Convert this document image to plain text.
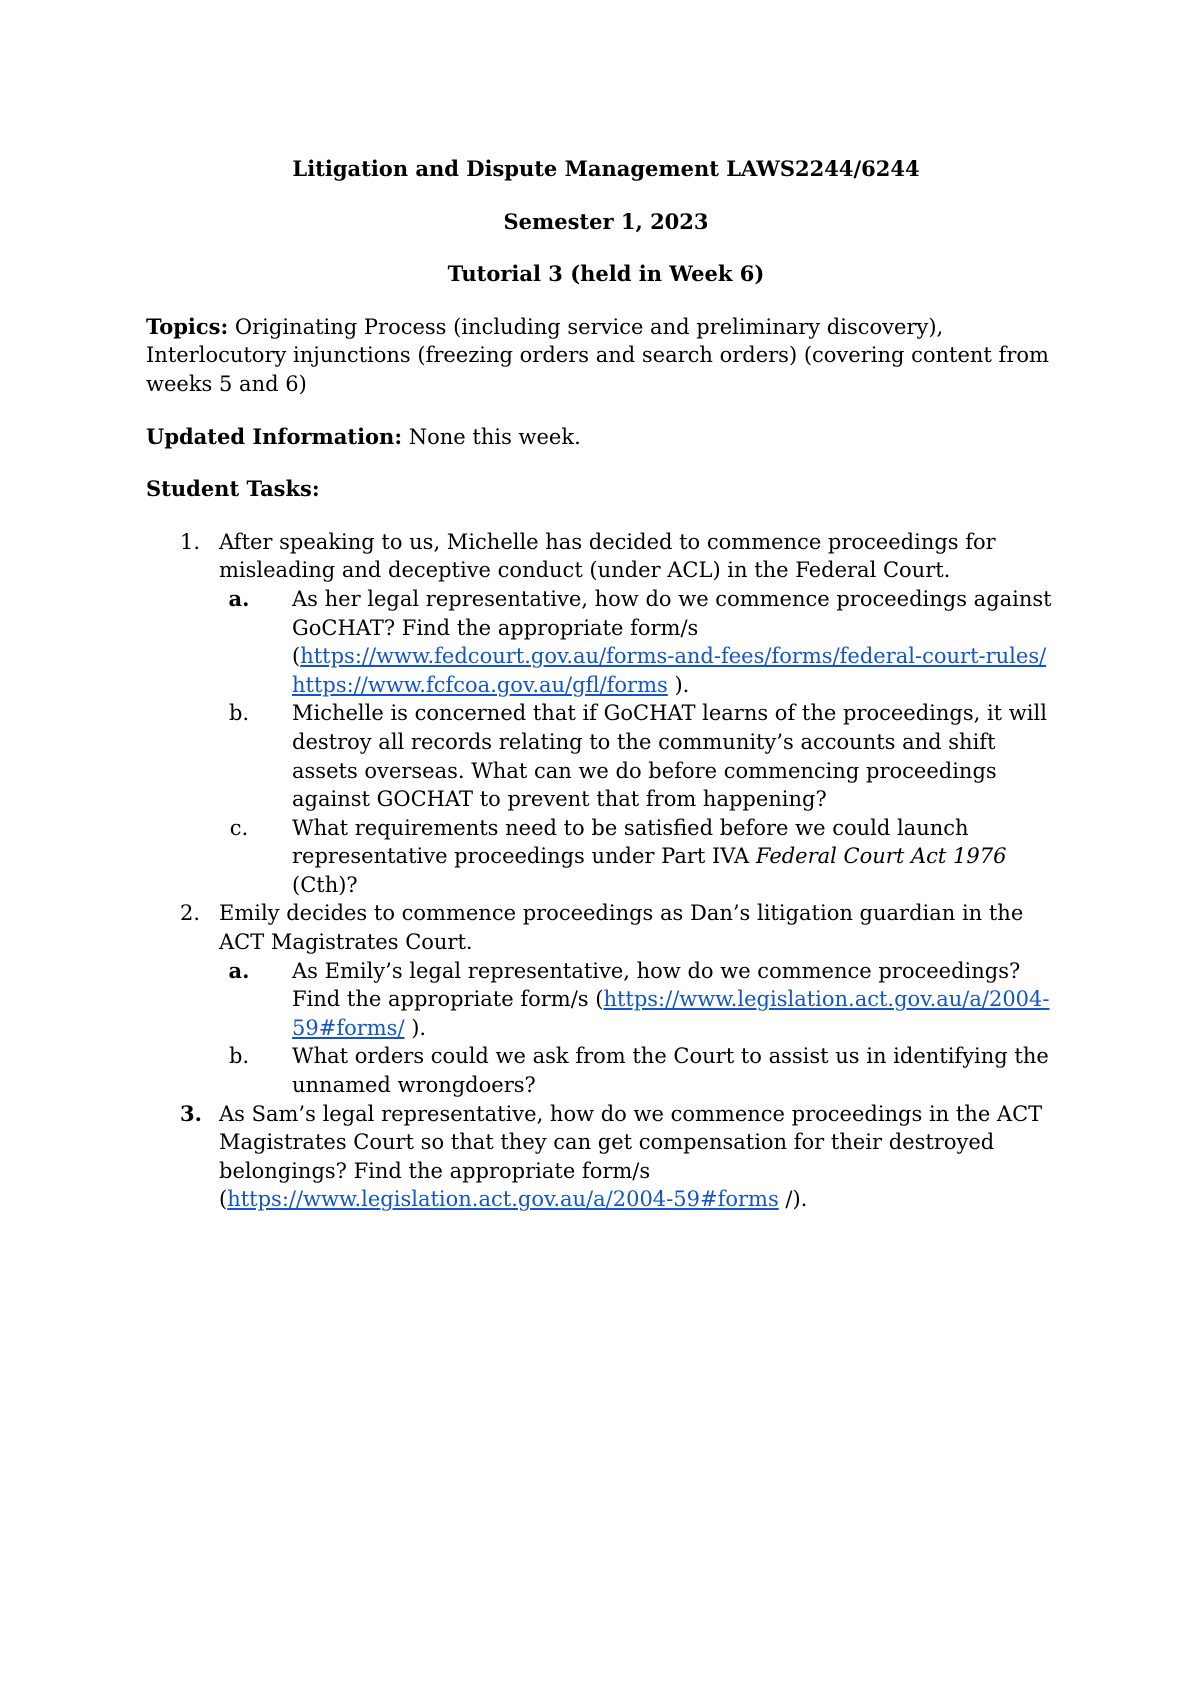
Litigation and Dispute Management LAWS2244/6244
Semester 1, 2023
Tutorial 3 (held in Week 6)

Topics: Originating Process (including service and preliminary discovery), Interlocutory injunctions (freezing orders and search orders) (covering content from weeks 5 and 6)

Updated Information: None this week.

Student Tasks:

1. After speaking to us, Michelle has decided to commence proceedings for misleading and deceptive conduct (under ACL) in the Federal Court.
a.	As her legal representative, how do we commence proceedings against GoCHAT? Find the appropriate form/s (https://www.fedcourt.gov.au/forms-and-fees/forms/federal-court-rules/ https://www.fcfcoa.gov.au/gfl/forms ).
b.	Michelle is concerned that if GoCHAT learns of the proceedings, it will destroy all records relating to the community’s accounts and shift assets overseas. What can we do before commencing proceedings against GOCHAT to prevent that from happening?
c.	What requirements need to be satisfied before we could launch representative proceedings under Part IVA Federal Court Act 1976 (Cth)?
2. Emily decides to commence proceedings as Dan’s litigation guardian in the ACT Magistrates Court.
a.	As Emily’s legal representative, how do we commence proceedings? Find the appropriate form/s (https://www.legislation.act.gov.au/a/2004-59#forms/ ).
b.	What orders could we ask from the Court to assist us in identifying the unnamed wrongdoers?
3. As Sam’s legal representative, how do we commence proceedings in the ACT Magistrates Court so that they can get compensation for their destroyed belongings? Find the appropriate form/s (https://www.legislation.act.gov.au/a/2004-59#forms /).
